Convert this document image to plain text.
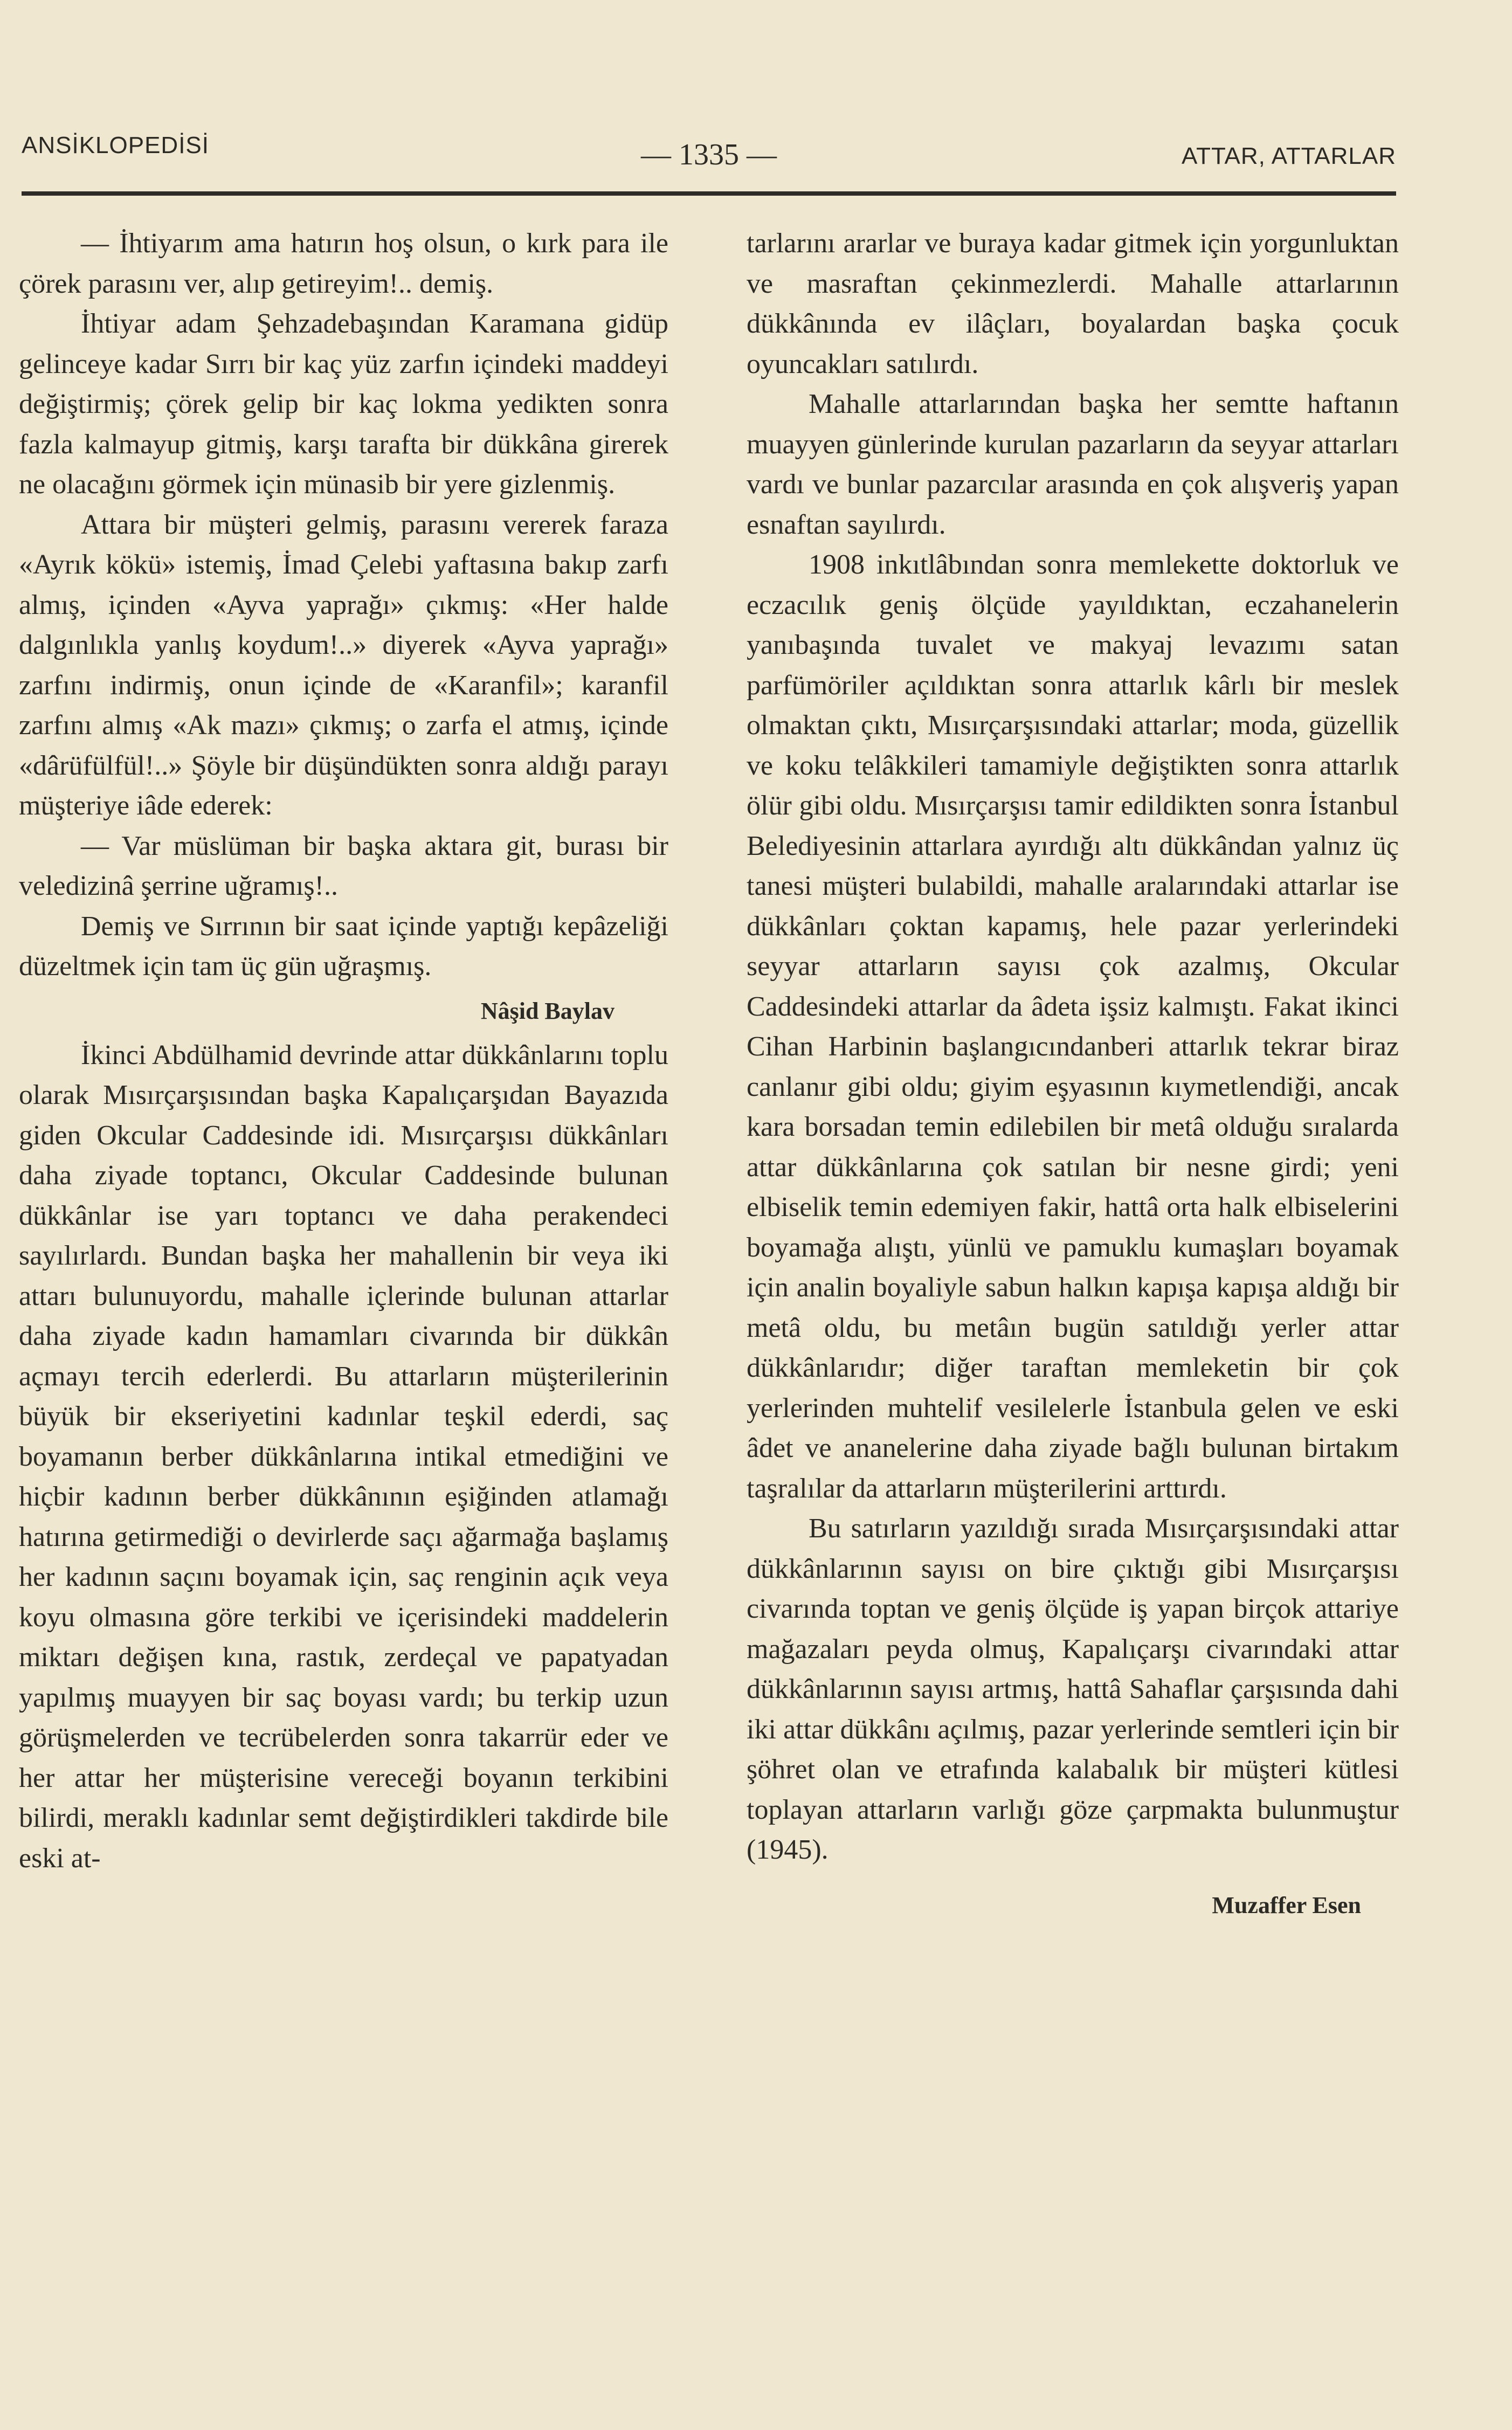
ANSİKLOPEDİSİ	— 1335 —	ATTAR, ATTARLAR

— İhtiyarım ama hatırın hoş olsun, o kırk para ile çörek parasını ver, alıp getireyim!.. demiş.

İhtiyar adam Şehzadebaşından Karamana gidüp gelinceye kadar Sırrı bir kaç yüz zarfın içindeki maddeyi değiştirmiş; çörek gelip bir kaç lokma yedikten sonra fazla kalmayup gitmiş, karşı tarafta bir dükkâna girerek ne olacağını görmek için münasib bir yere gizlenmiş.

Attara bir müşteri gelmiş, parasını vererek faraza «Ayrık kökü» istemiş, İmad Çelebi yaftasına bakıp zarfı almış, içinden «Ayva yaprağı» çıkmış: «Her halde dalgınlıkla yanlış koydum!..» diyerek «Ayva yaprağı» zarfını indirmiş, onun içinde de «Karanfil»; karanfil zarfını almış «Ak mazı» çıkmış; o zarfa el atmış, içinde «dârüfülfül!..» Şöyle bir düşündükten sonra aldığı parayı müşteriye iâde ederek:

— Var müslüman bir başka aktara git, burası bir veledizinâ şerrine uğramış!..

Demiş ve Sırrının bir saat içinde yaptığı kepâzeliği düzeltmek için tam üç gün uğraşmış.

Nâşid Baylav

İkinci Abdülhamid devrinde attar dükkânlarını toplu olarak Mısırçarşısından başka Kapalıçarşıdan Bayazıda giden Okcular Caddesinde idi. Mısırçarşısı dükkânları daha ziyade toptancı, Okcular Caddesinde bulunan dükkânlar ise yarı toptancı ve daha perakendeci sayılırlardı. Bundan başka her mahallenin bir veya iki attarı bulunuyordu, mahalle içlerinde bulunan attarlar daha ziyade kadın hamamları civarında bir dükkân açmayı tercih ederlerdi. Bu attarların müşterilerinin büyük bir ekseriyetini kadınlar teşkil ederdi, saç boyamanın berber dükkânlarına intikal etmediğini ve hiçbir kadının berber dükkânının eşiğinden atlamağı hatırına getirmediği o devirlerde saçı ağarmağa başlamış her kadının saçını boyamak için, saç renginin açık veya koyu olmasına göre terkibi ve içerisindeki maddelerin miktarı değişen kına, rastık, zerdeçal ve papatyadan yapılmış muayyen bir saç boyası vardı; bu terkip uzun görüşmelerden ve tecrübelerden sonra takarrür eder ve her attar her müşterisine vereceği boyanın terkibini bilirdi, meraklı kadınlar semt değiştirdikleri takdirde bile eski at-

tarlarını ararlar ve buraya kadar gitmek için yorgunluktan ve masraftan çekinmezlerdi. Mahalle attarlarının dükkânında ev ilâçları, boyalardan başka çocuk oyuncakları satılırdı.

Mahalle attarlarından başka her semtte haftanın muayyen günlerinde kurulan pazarların da seyyar attarları vardı ve bunlar pazarcılar arasında en çok alışveriş yapan esnaftan sayılırdı.

1908 inkıtlâbından sonra memlekette doktorluk ve eczacılık geniş ölçüde yayıldıktan, eczahanelerin yanıbaşında tuvalet ve makyaj levazımı satan parfümöriler açıldıktan sonra attarlık kârlı bir meslek olmaktan çıktı, Mısırçarşısındaki attarlar; moda, güzellik ve koku telâkkileri tamamiyle değiştikten sonra attarlık ölür gibi oldu. Mısırçarşısı tamir edildikten sonra İstanbul Belediyesinin attarlara ayırdığı altı dükkândan yalnız üç tanesi müşteri bulabildi, mahalle aralarındaki attarlar ise dükkânları çoktan kapamış, hele pazar yerlerindeki seyyar attarların sayısı çok azalmış, Okcular Caddesindeki attarlar da âdeta işsiz kalmıştı. Fakat ikinci Cihan Harbinin başlangıcındanberi attarlık tekrar biraz canlanır gibi oldu; giyim eşyasının kıymetlendiği, ancak kara borsadan temin edilebilen bir metâ olduğu sıralarda attar dükkânlarına çok satılan bir nesne girdi; yeni elbiselik temin edemiyen fakir, hattâ orta halk elbiselerini boyamağa alıştı, yünlü ve pamuklu kumaşları boyamak için analin boyaliyle sabun halkın kapışa kapışa aldığı bir metâ oldu, bu metâın bugün satıldığı yerler attar dükkânlarıdır; diğer taraftan memleketin bir çok yerlerinden muhtelif vesilelerle İstanbula gelen ve eski âdet ve ananelerine daha ziyade bağlı bulunan birtakım taşralılar da attarların müşterilerini arttırdı.

Bu satırların yazıldığı sırada Mısırçarşısındaki attar dükkânlarının sayısı on bire çıktığı gibi Mısırçarşısı civarında toptan ve geniş ölçüde iş yapan birçok attariye mağazaları peyda olmuş, Kapalıçarşı civarındaki attar dükkânlarının sayısı artmış, hattâ Sahaflar çarşısında dahi iki attar dükkânı açılmış, pazar yerlerinde semtleri için bir şöhret olan ve etrafında kalabalık bir müşteri kütlesi toplayan attarların varlığı göze çarpmakta bulunmuştur (1945).

Muzaffer Esen
